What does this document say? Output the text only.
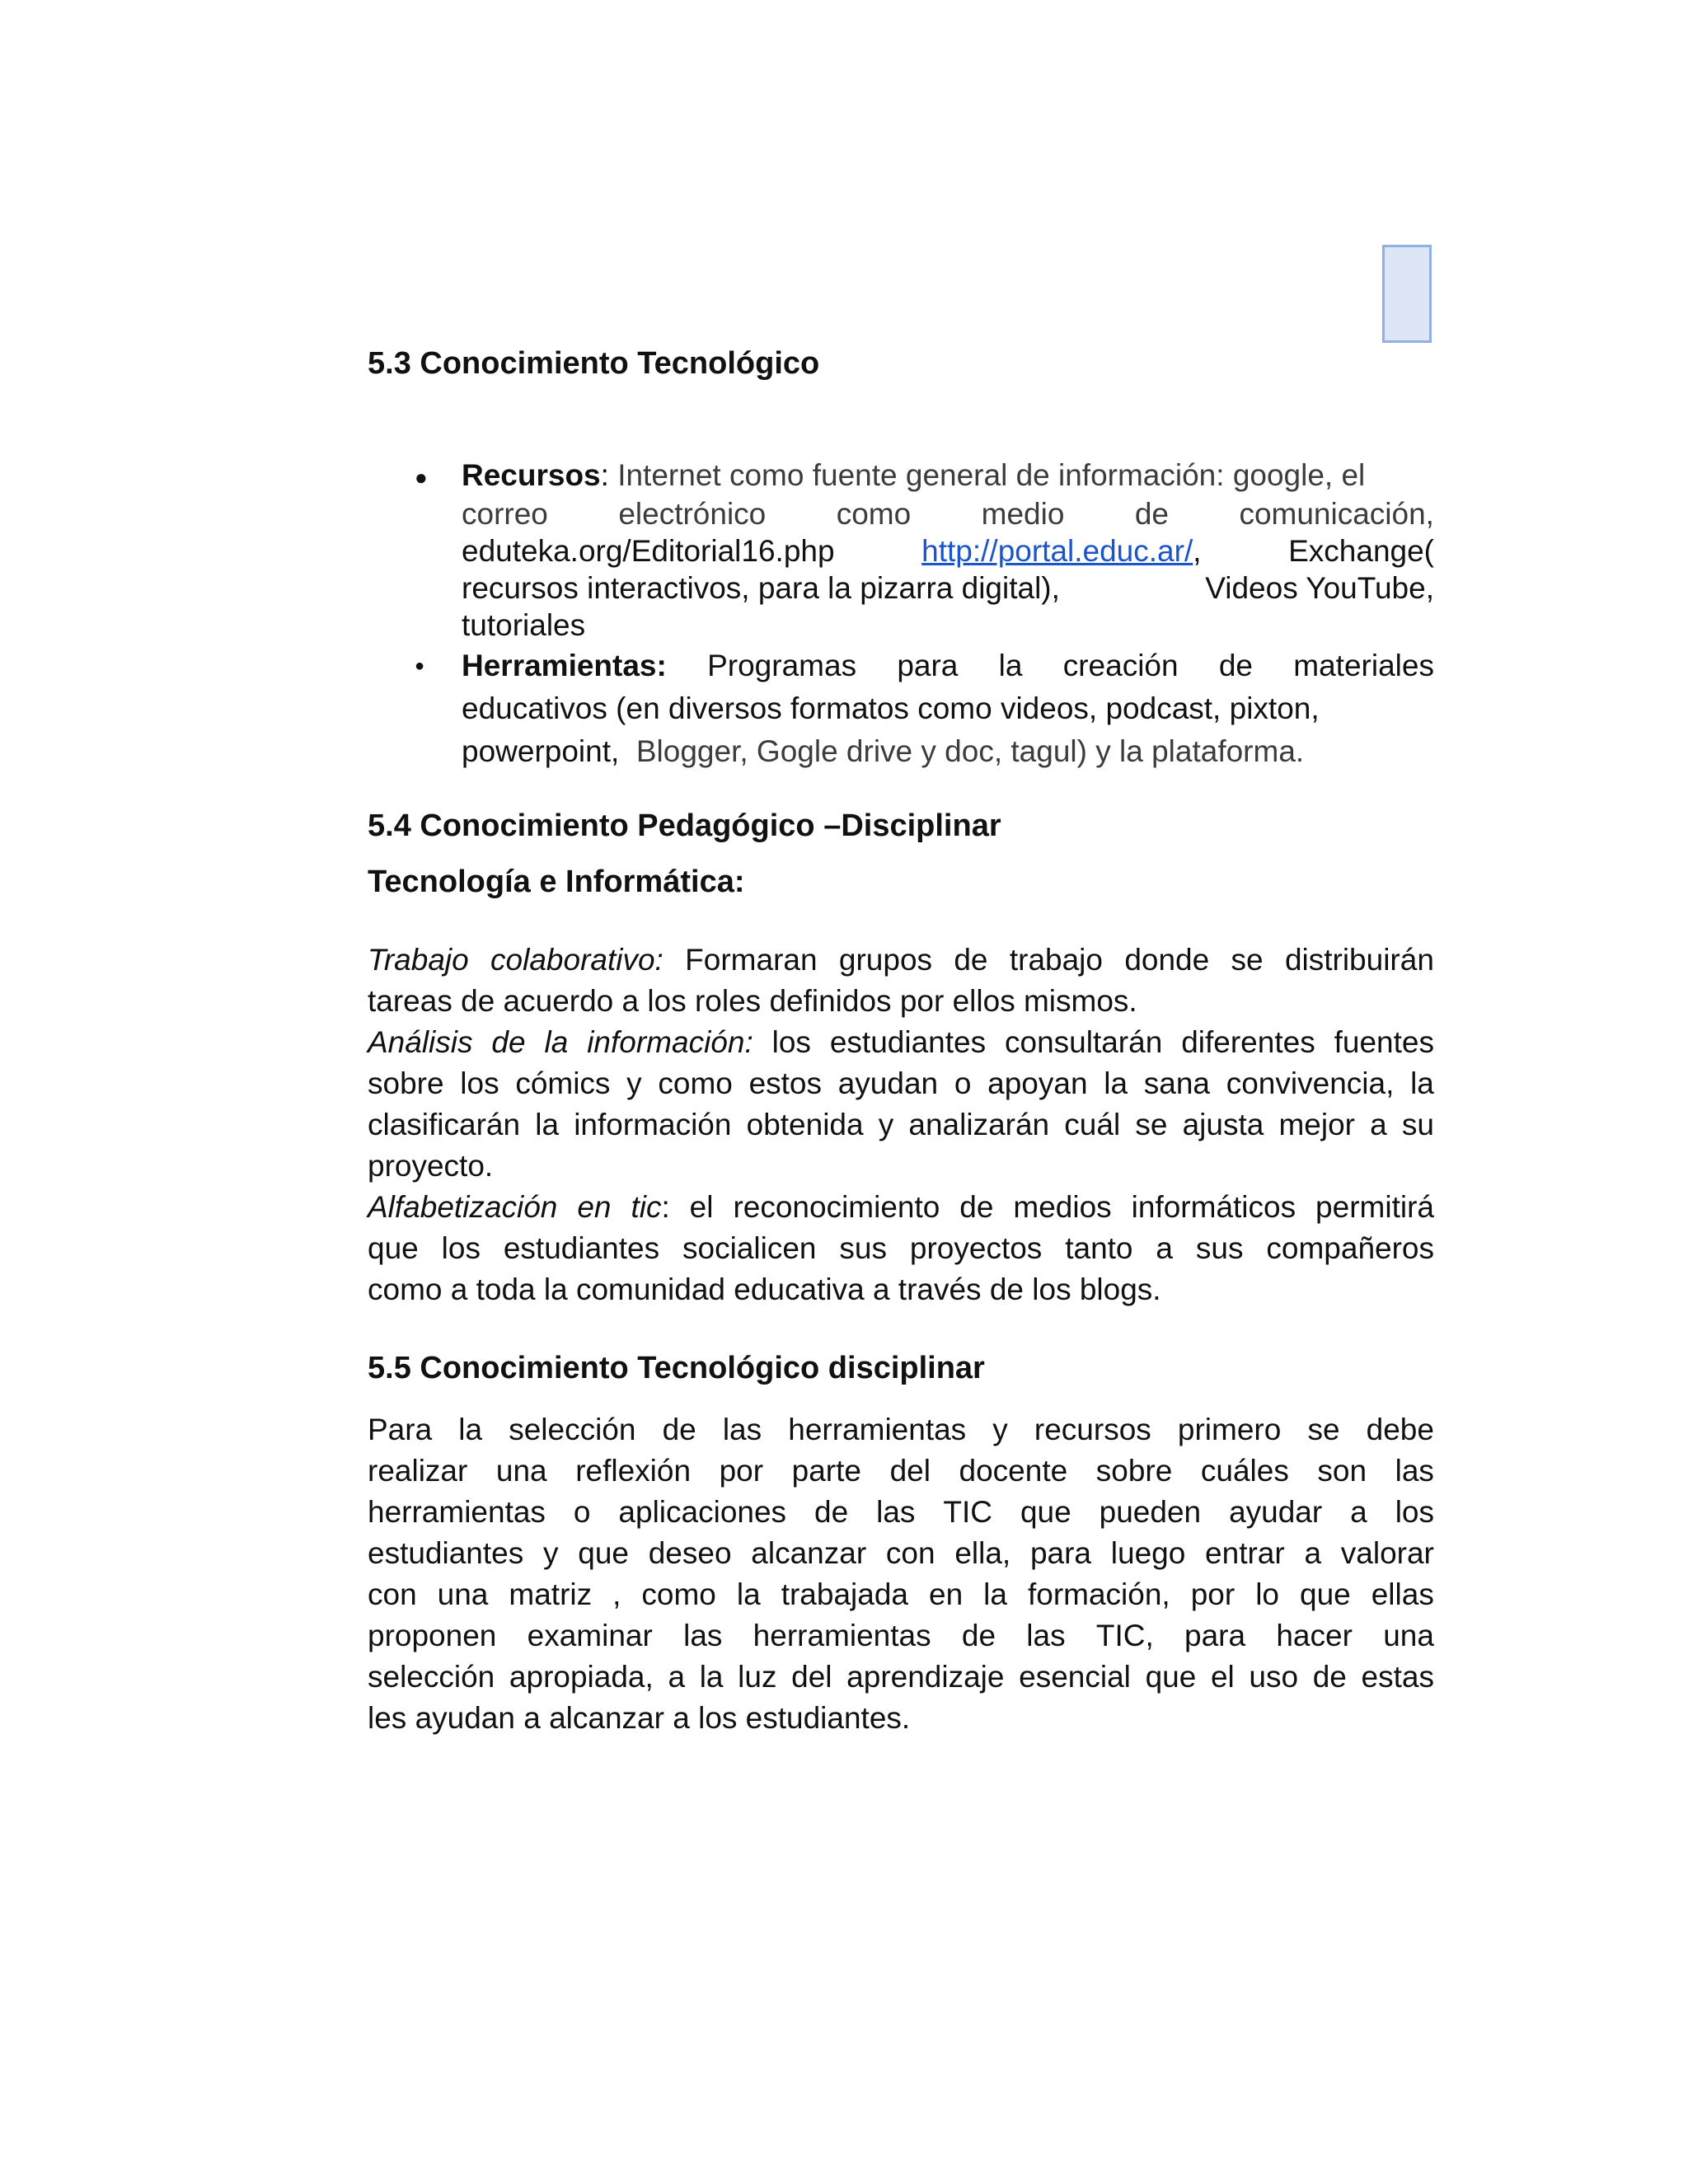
5.3 Conocimiento Tecnológico
● Recursos: Internet como fuente general de información: google, el
correo electrónico como medio de comunicación,
eduteka.org/Editorial16.php	http://portal.educ.ar/,	Exchange(
recursos interactivos, para la pizarra digital),	Videos YouTube,
tutoriales
● Herramientas: Programas para la creación de materiales
educativos (en diversos formatos como videos, podcast, pixton,
powerpoint, Blogger, Gogle drive y doc, tagul) y la plataforma.
5.4 Conocimiento Pedagógico –Disciplinar
Tecnología e Informática:
Trabajo colaborativo: Formaran grupos de trabajo donde se distribuirán
tareas de acuerdo a los roles definidos por ellos mismos.
Análisis de la información: los estudiantes consultarán diferentes fuentes
sobre los cómics y como estos ayudan o apoyan la sana convivencia, la
clasificarán la información obtenida y analizarán cuál se ajusta mejor a su
proyecto.
Alfabetización en tic: el reconocimiento de medios informáticos permitirá
que los estudiantes socialicen sus proyectos tanto a sus compañeros
como a toda la comunidad educativa a través de los blogs.
5.5 Conocimiento Tecnológico disciplinar
Para la selección de las herramientas y recursos primero se debe
realizar una reflexión por parte del docente sobre cuáles son las
herramientas o aplicaciones de las TIC que pueden ayudar a los
estudiantes y que deseo alcanzar con ella, para luego entrar a valorar
con una matriz , como la trabajada en la formación, por lo que ellas
proponen examinar las herramientas de las TIC, para hacer una
selección apropiada, a la luz del aprendizaje esencial que el uso de estas
les ayudan a alcanzar a los estudiantes.
